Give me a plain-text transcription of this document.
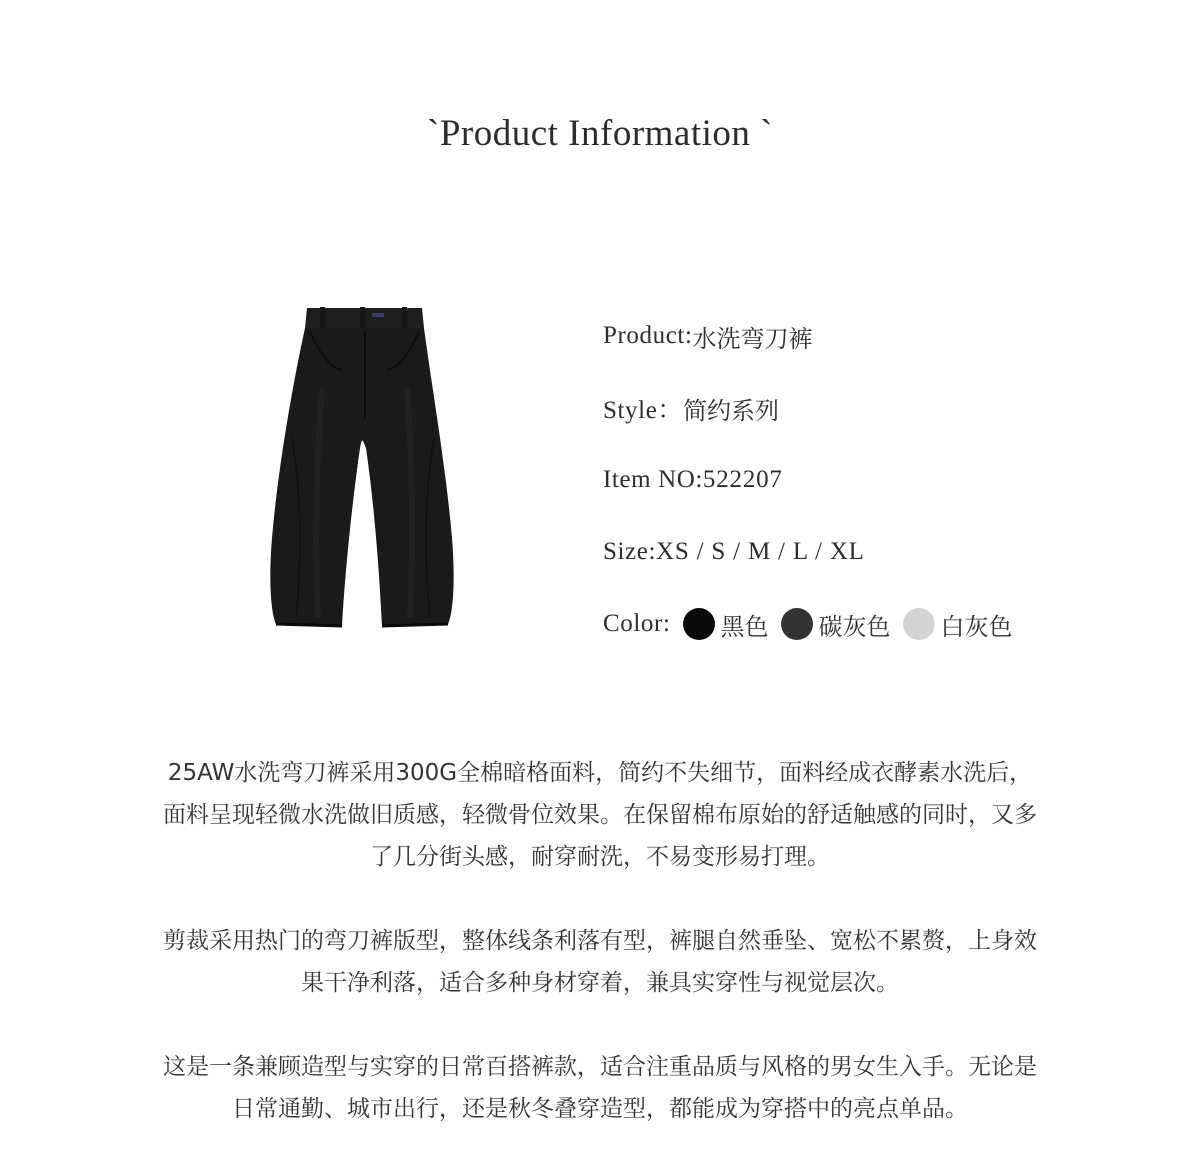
`Product Information `
Product: 水洗弯刀裤
Style： 简约系列
Item NO: 522207
Size: XS / S / M / L / XL
Color: 黑色 碳灰色 白灰色

25AW水洗弯刀裤采用300G全棉暗格面料，简约不失细节，面料经成衣酵素水洗后，

面料呈现轻微水洗做旧质感，轻微骨位效果。在保留棉布原始的舒适触感的同时，又多

了几分街头感，耐穿耐洗，不易变形易打理。

剪裁采用热门的弯刀裤版型，整体线条利落有型，裤腿自然垂坠、宽松不累赘，上身效

果干净利落，适合多种身材穿着，兼具实穿性与视觉层次。

这是一条兼顾造型与实穿的日常百搭裤款，适合注重品质与风格的男女生入手。无论是

日常通勤、城市出行，还是秋冬叠穿造型，都能成为穿搭中的亮点单品。
